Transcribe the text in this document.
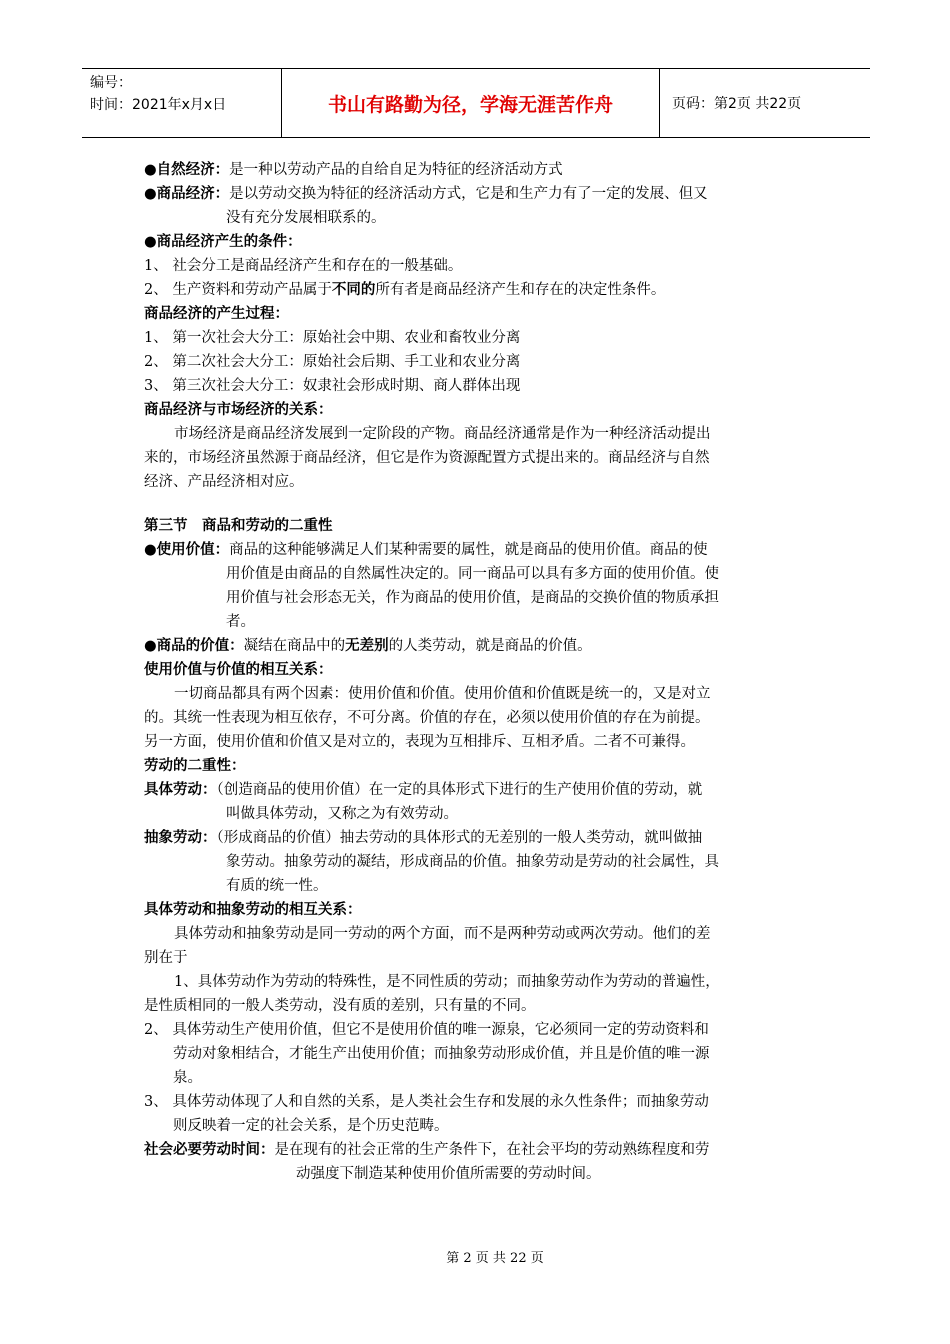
编号：
时间：2021年x月x日	书山有路勤为径，学海无涯苦作舟	页码：第2页 共22页
●自然经济：是一种以劳动产品的自给自足为特征的经济活动方式
●商品经济：是以劳动交换为特征的经济活动方式，它是和生产力有了一定的发展、但又
没有充分发展相联系的。
●商品经济产生的条件：
1、 社会分工是商品经济产生和存在的一般基础。
2、 生产资料和劳动产品属于不同的所有者是商品经济产生和存在的决定性条件。
商品经济的产生过程：
1、 第一次社会大分工：原始社会中期、农业和畜牧业分离
2、 第二次社会大分工：原始社会后期、手工业和农业分离
3、 第三次社会大分工：奴隶社会形成时期、商人群体出现
商品经济与市场经济的关系：
市场经济是商品经济发展到一定阶段的产物。商品经济通常是作为一种经济活动提出
来的，市场经济虽然源于商品经济，但它是作为资源配置方式提出来的。商品经济与自然
经济、产品经济相对应。
第三节　商品和劳动的二重性
●使用价值：商品的这种能够满足人们某种需要的属性，就是商品的使用价值。商品的使
用价值是由商品的自然属性决定的。同一商品可以具有多方面的使用价值。使
用价值与社会形态无关，作为商品的使用价值，是商品的交换价值的物质承担
者。
●商品的价值：凝结在商品中的无差别的人类劳动，就是商品的价值。
使用价值与价值的相互关系：
一切商品都具有两个因素：使用价值和价值。使用价值和价值既是统一的，又是对立
的。其统一性表现为相互依存，不可分离。价值的存在，必须以使用价值的存在为前提。
另一方面，使用价值和价值又是对立的，表现为互相排斥、互相矛盾。二者不可兼得。
劳动的二重性：
具体劳动：（创造商品的使用价值）在一定的具体形式下进行的生产使用价值的劳动，就
叫做具体劳动，又称之为有效劳动。
抽象劳动：（形成商品的价值）抽去劳动的具体形式的无差别的一般人类劳动，就叫做抽
象劳动。抽象劳动的凝结，形成商品的价值。抽象劳动是劳动的社会属性，具
有质的统一性。
具体劳动和抽象劳动的相互关系：
具体劳动和抽象劳动是同一劳动的两个方面，而不是两种劳动或两次劳动。他们的差
别在于
1、具体劳动作为劳动的特殊性，是不同性质的劳动；而抽象劳动作为劳动的普遍性，
是性质相同的一般人类劳动，没有质的差别，只有量的不同。
2、 具体劳动生产使用价值，但它不是使用价值的唯一源泉，它必须同一定的劳动资料和
劳动对象相结合，才能生产出使用价值；而抽象劳动形成价值，并且是价值的唯一源
泉。
3、 具体劳动体现了人和自然的关系，是人类社会生存和发展的永久性条件；而抽象劳动
则反映着一定的社会关系，是个历史范畴。
社会必要劳动时间：是在现有的社会正常的生产条件下，在社会平均的劳动熟练程度和劳
动强度下制造某种使用价值所需要的劳动时间。
第 2 页 共 22 页
